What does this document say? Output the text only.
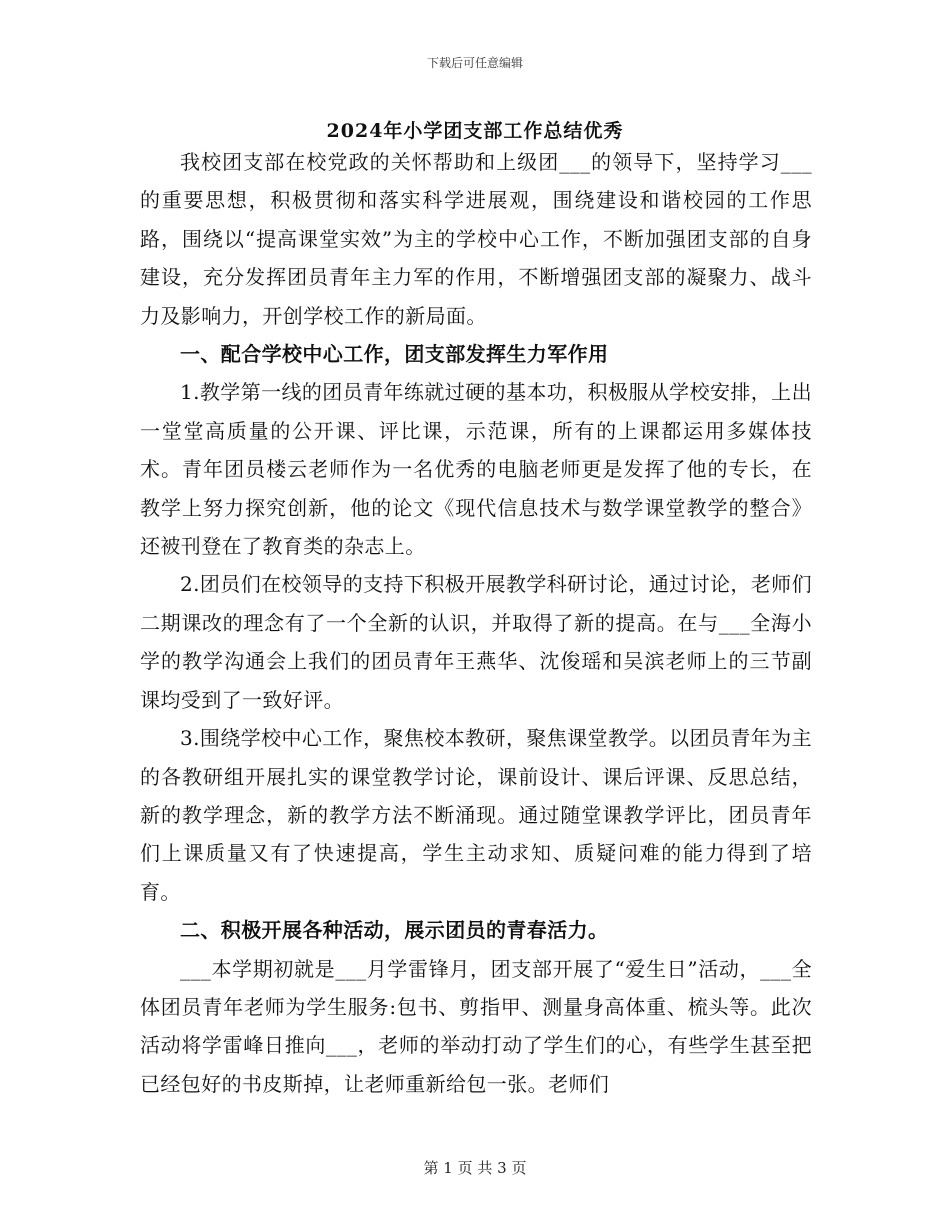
下载后可任意编辑
2024年小学团支部工作总结优秀

我校团支部在校党政的关怀帮助和上级团___的领导下，坚持学习___的重要思想，积极贯彻和落实科学进展观，围绕建设和谐校园的工作思路，围绕以“提高课堂实效”为主的学校中心工作，不断加强团支部的自身建设，充分发挥团员青年主力军的作用，不断增强团支部的凝聚力、战斗力及影响力，开创学校工作的新局面。

一、配合学校中心工作，团支部发挥生力军作用

1.教学第一线的团员青年练就过硬的基本功，积极服从学校安排，上出一堂堂高质量的公开课、评比课，示范课，所有的上课都运用多媒体技术。青年团员楼云老师作为一名优秀的电脑老师更是发挥了他的专长，在教学上努力探究创新，他的论文《现代信息技术与数学课堂教学的整合》还被刊登在了教育类的杂志上。

2.团员们在校领导的支持下积极开展教学科研讨论，通过讨论，老师们二期课改的理念有了一个全新的认识，并取得了新的提高。在与___全海小学的教学沟通会上我们的团员青年王燕华、沈俊瑶和吴滨老师上的三节副课均受到了一致好评。

3.围绕学校中心工作，聚焦校本教研，聚焦课堂教学。以团员青年为主的各教研组开展扎实的课堂教学讨论，课前设计、课后评课、反思总结，新的教学理念，新的教学方法不断涌现。通过随堂课教学评比，团员青年们上课质量又有了快速提高，学生主动求知、质疑问难的能力得到了培育。

二、积极开展各种活动，展示团员的青春活力。

___本学期初就是___月学雷锋月，团支部开展了“爱生日”活动，___全体团员青年老师为学生服务:包书、剪指甲、测量身高体重、梳头等。此次活动将学雷峰日推向___，老师的举动打动了学生们的心，有些学生甚至把已经包好的书皮斯掉，让老师重新给包一张。老师们

第 1 页 共 3 页
